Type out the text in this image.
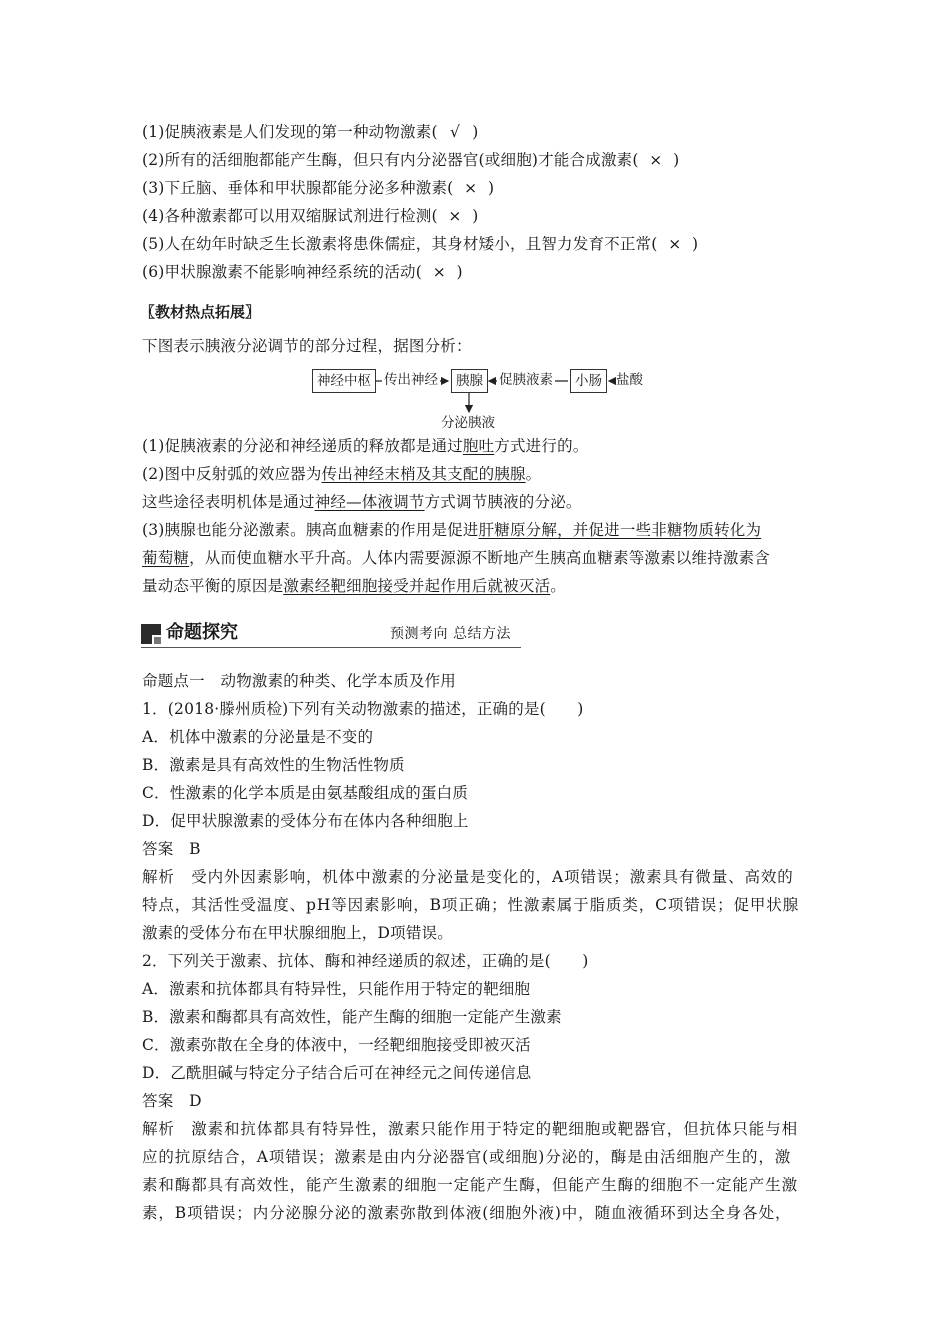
(1)促胰液素是人们发现的第一种动物激素( √ )
(2)所有的活细胞都能产生酶，但只有内分泌器官(或细胞)才能合成激素( × )
(3)下丘脑、垂体和甲状腺都能分泌多种激素( × )
(4)各种激素都可以用双缩脲试剂进行检测( × )
(5)人在幼年时缺乏生长激素将患侏儒症，其身材矮小，且智力发育不正常( × )
(6)甲状腺激素不能影响神经系统的活动( × )
〖教材热点拓展〗
下图表示胰液分泌调节的部分过程，据图分析：
神经中枢 传出神经	胰腺	促胰液素	小肠	盐酸
分泌胰液
(1)促胰液素的分泌和神经递质的释放都是通过胞吐方式进行的。
(2)图中反射弧的效应器为传出神经末梢及其支配的胰腺。
这些途径表明机体是通过神经—体液调节方式调节胰液的分泌。
(3)胰腺也能分泌激素。胰高血糖素的作用是促进肝糖原分解，并促进一些非糖物质转化为
葡萄糖，从而使血糖水平升高。人体内需要源源不断地产生胰高血糖素等激素以维持激素含
量动态平衡的原因是激素经靶细胞接受并起作用后就被灭活。
命题探究	预测考向 总结方法
命题点一　动物激素的种类、化学本质及作用
1．(2018·滕州质检)下列有关动物激素的描述，正确的是(　　)
A．机体中激素的分泌量是不变的
B．激素是具有高效性的生物活性物质
C．性激素的化学本质是由氨基酸组成的蛋白质
D．促甲状腺激素的受体分布在体内各种细胞上
答案　B
解析　受内外因素影响，机体中激素的分泌量是变化的，A项错误；激素具有微量、高效的
特点，其活性受温度、pH等因素影响，B项正确；性激素属于脂质类，C项错误；促甲状腺
激素的受体分布在甲状腺细胞上，D项错误。
2．下列关于激素、抗体、酶和神经递质的叙述，正确的是(　　)
A．激素和抗体都具有特异性，只能作用于特定的靶细胞
B．激素和酶都具有高效性，能产生酶的细胞一定能产生激素
C．激素弥散在全身的体液中，一经靶细胞接受即被灭活
D．乙酰胆碱与特定分子结合后可在神经元之间传递信息
答案　D
解析　激素和抗体都具有特异性，激素只能作用于特定的靶细胞或靶器官，但抗体只能与相
应的抗原结合，A项错误；激素是由内分泌器官(或细胞)分泌的，酶是由活细胞产生的，激
素和酶都具有高效性，能产生激素的细胞一定能产生酶，但能产生酶的细胞不一定能产生激
素，B项错误；内分泌腺分泌的激素弥散到体液(细胞外液)中，随血液循环到达全身各处，
